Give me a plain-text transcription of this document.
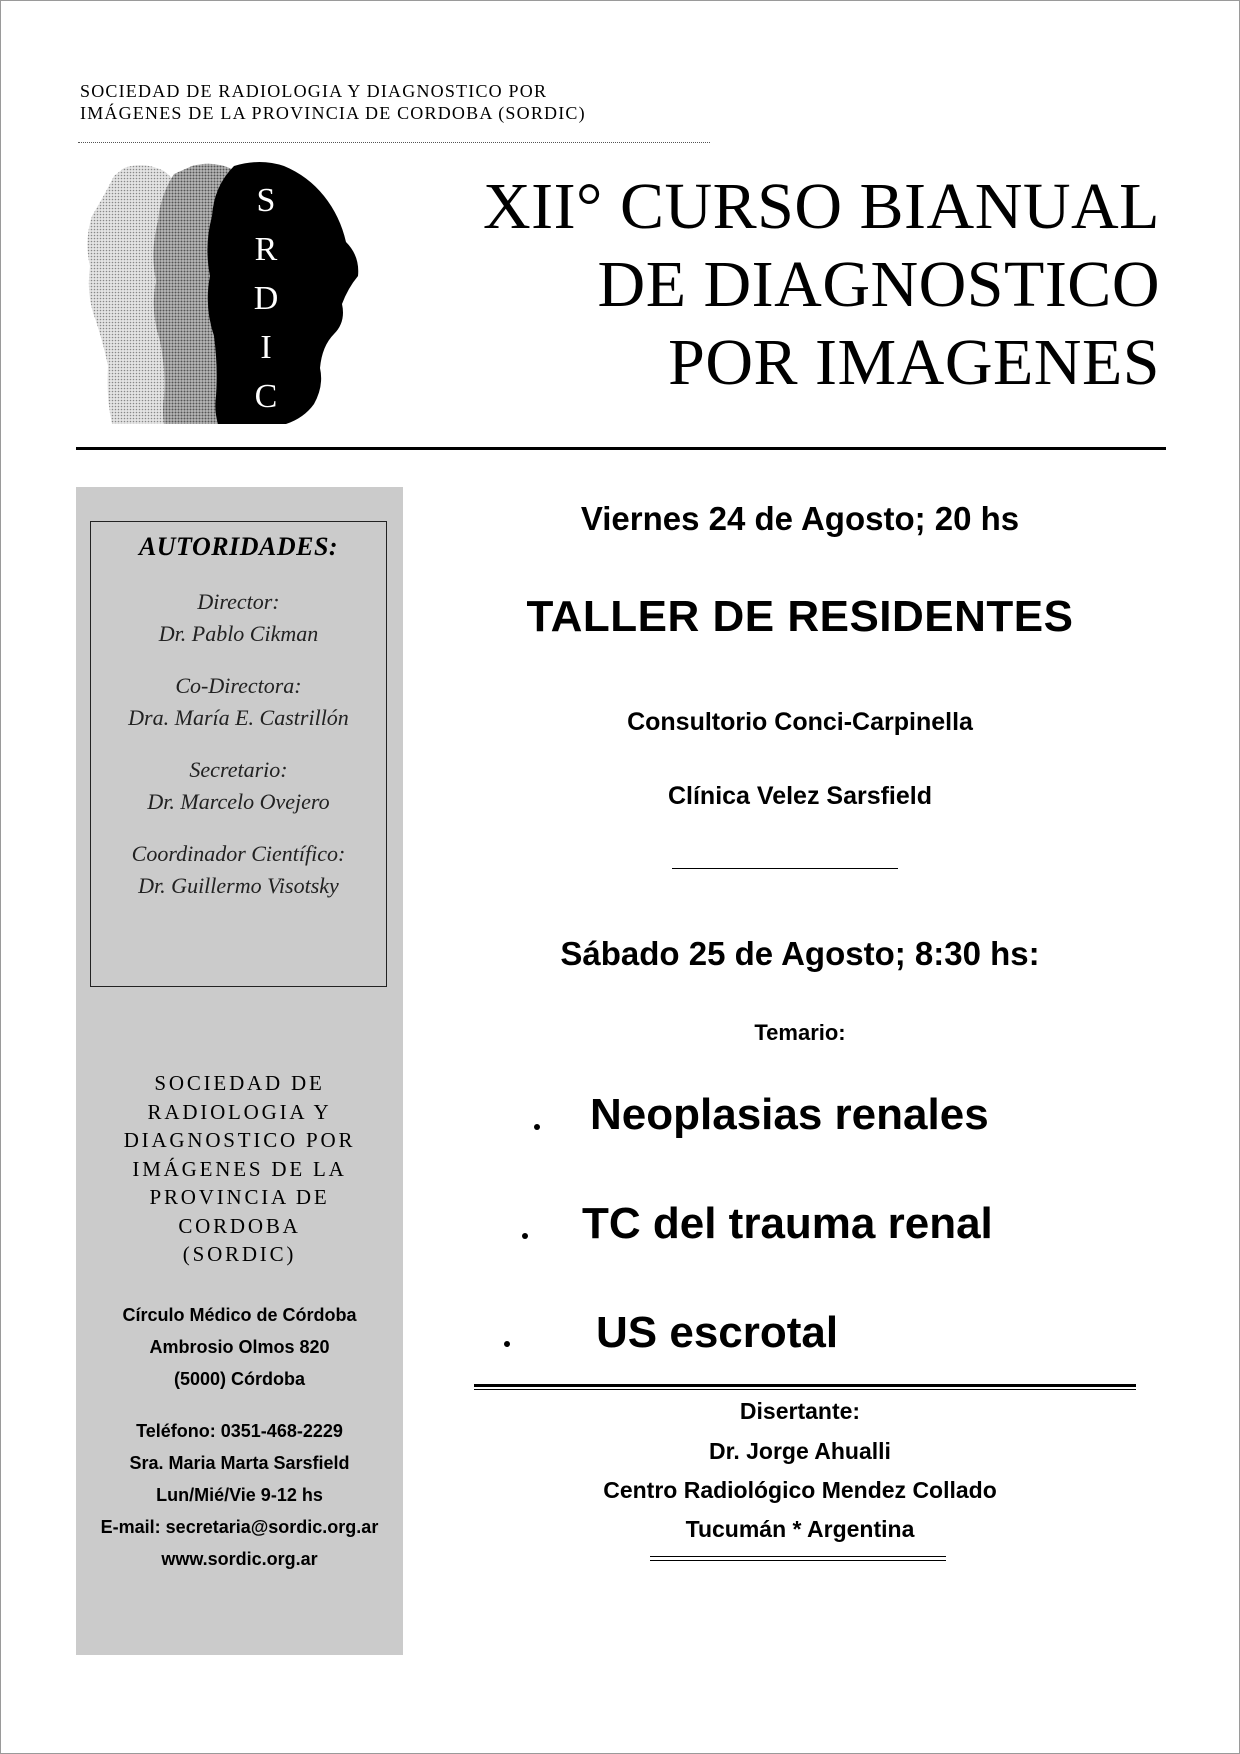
SOCIEDAD DE RADIOLOGIA Y DIAGNOSTICO POR
IMÁGENES DE LA PROVINCIA DE CORDOBA (SORDIC)
S
R
D
I
C
XII° CURSO BIANUAL
DE DIAGNOSTICO
POR IMAGENES
AUTORIDADES:
Director:
Dr. Pablo Cikman
Co-Directora:
Dra. María E. Castrillón
Secretario:
Dr. Marcelo Ovejero
Coordinador Científico:
Dr. Guillermo Visotsky
SOCIEDAD DE
RADIOLOGIA Y
DIAGNOSTICO POR
IMÁGENES DE LA
PROVINCIA DE
CORDOBA
(SORDIC)
Círculo Médico de Córdoba
Ambrosio Olmos 820
(5000) Córdoba
Teléfono: 0351-468-2229
Sra. Maria Marta Sarsfield
Lun/Mié/Vie 9-12 hs
E-mail: secretaria@sordic.org.ar
www.sordic.org.ar
Viernes 24 de Agosto; 20 hs
TALLER DE RESIDENTES
Consultorio Conci-Carpinella
Clínica Velez Sarsfield
Sábado 25 de Agosto; 8:30 hs:
Temario:
Neoplasias renales
TC del trauma renal
US escrotal
Disertante:
Dr. Jorge Ahualli
Centro Radiológico Mendez Collado
Tucumán * Argentina
